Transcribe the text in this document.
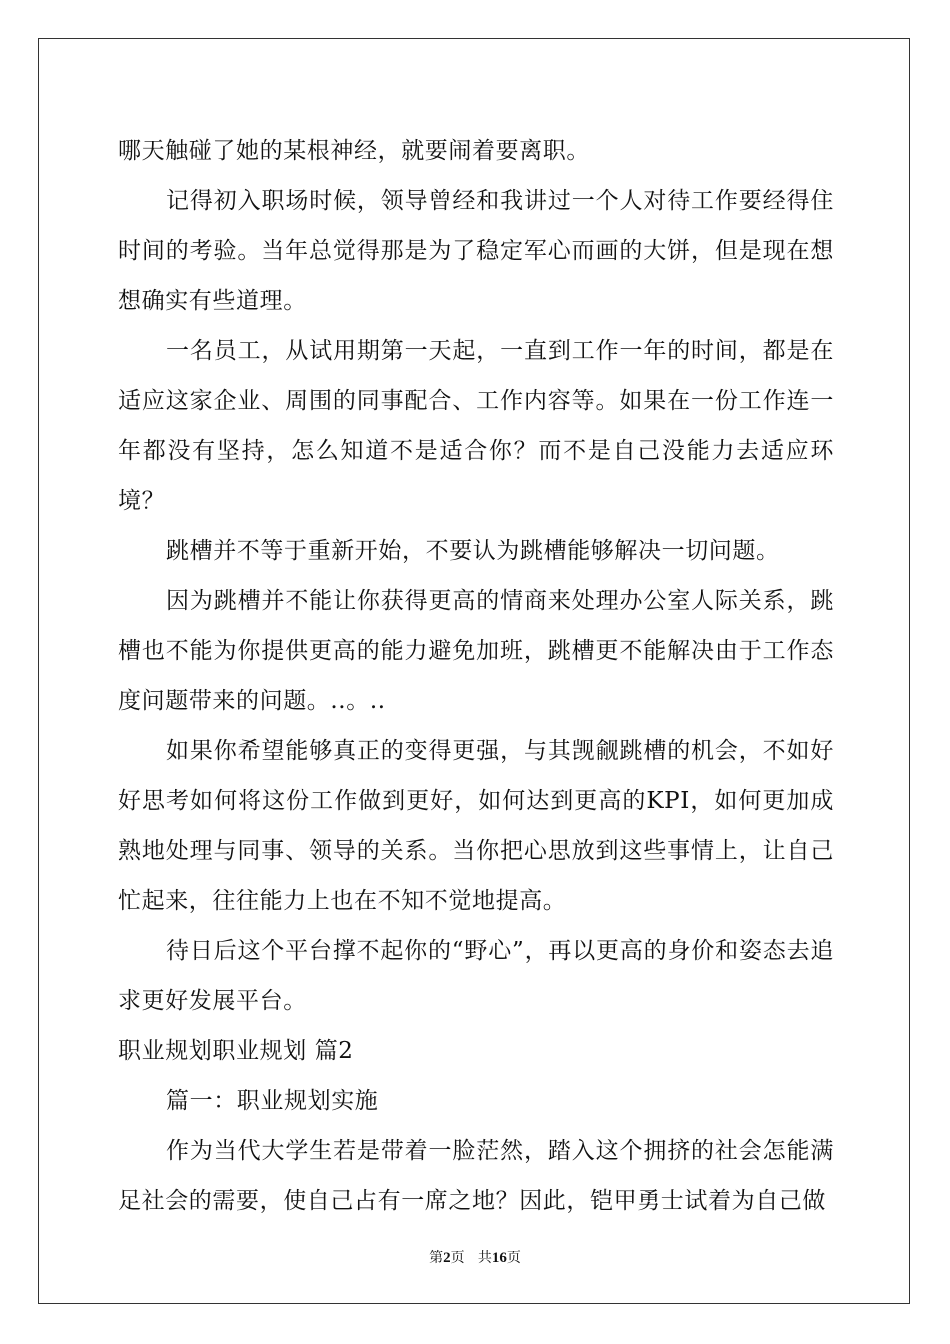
哪天触碰了她的某根神经，就要闹着要离职。

记得初入职场时候，领导曾经和我讲过一个人对待工作要经得住时间的考验。当年总觉得那是为了稳定军心而画的大饼，但是现在想想确实有些道理。

一名员工，从试用期第一天起，一直到工作一年的时间，都是在适应这家企业、周围的同事配合、工作内容等。如果在一份工作连一年都没有坚持，怎么知道不是适合你？而不是自己没能力去适应环境？

跳槽并不等于重新开始，不要认为跳槽能够解决一切问题。

因为跳槽并不能让你获得更高的情商来处理办公室人际关系，跳槽也不能为你提供更高的能力避免加班，跳槽更不能解决由于工作态度问题带来的问题。..。..

如果你希望能够真正的变得更强，与其觊觎跳槽的机会，不如好好思考如何将这份工作做到更好，如何达到更高的KPI，如何更加成熟地处理与同事、领导的关系。当你把心思放到这些事情上，让自己忙起来，往往能力上也在不知不觉地提高。

待日后这个平台撑不起你的“野心”，再以更高的身价和姿态去追求更好发展平台。

职业规划职业规划 篇2

篇一：职业规划实施

作为当代大学生若是带着一脸茫然，踏入这个拥挤的社会怎能满足社会的需要，使自己占有一席之地？因此，铠甲勇士试着为自己做

第2页 共16页
